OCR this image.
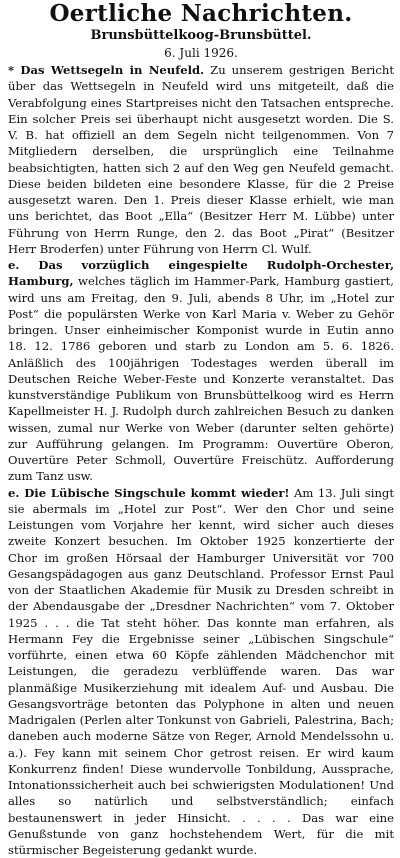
Oertliche Nachrichten.
Brunsbüttelkoog-Brunsbüttel.
6. Juli 1926.

* Das Wettsegeln in Neufeld. Zu unserem gestrigen Bericht über das Wettsegeln in Neufeld wird uns mitgeteilt, daß die Verabfolgung eines Startpreises nicht den Tatsachen entspreche. Ein solcher Preis sei überhaupt nicht ausgesetzt worden. Die S. V. B. hat offiziell an dem Segeln nicht teilgenommen. Von 7 Mitgliedern derselben, die ursprünglich eine Teilnahme beabsichtigten, hatten sich 2 auf den Weg gen Neufeld gemacht. Diese beiden bildeten eine besondere Klasse, für die 2 Preise ausgesetzt waren. Den 1. Preis dieser Klasse erhielt, wie man uns berichtet, das Boot „Ella“ (Besitzer Herr M. Lübbe) unter Führung von Herrn Runge, den 2. das Boot „Pirat“ (Besitzer Herr Broderfen) unter Führung von Herrn Cl. Wulf.

e. Das vorzüglich eingespielte Rudolph-Orchester, Hamburg, welches täglich im Hammer-Park, Hamburg gastiert, wird uns am Freitag, den 9. Juli, abends 8 Uhr, im „Hotel zur Post“ die populärsten Werke von Karl Maria v. Weber zu Gehör bringen. Unser einheimischer Komponist wurde in Eutin anno 18. 12. 1786 geboren und starb zu London am 5. 6. 1826. Anläßlich des 100jährigen Todestages werden überall im Deutschen Reiche Weber-Feste und Konzerte veranstaltet. Das kunstverständige Publikum von Brunsbüttelkoog wird es Herrn Kapellmeister H. J. Rudolph durch zahlreichen Besuch zu danken wissen, zumal nur Werke von Weber (darunter selten gehörte) zur Aufführung gelangen. Im Programm: Ouvertüre Oberon, Ouvertüre Peter Schmoll, Ouvertüre Freischütz. Aufforderung zum Tanz usw.

e. Die Lübische Singschule kommt wieder! Am 13. Juli singt sie abermals im „Hotel zur Post“. Wer den Chor und seine Leistungen vom Vorjahre her kennt, wird sicher auch dieses zweite Konzert besuchen. Im Oktober 1925 konzertierte der Chor im großen Hörsaal der Hamburger Universität vor 700 Gesangspädagogen aus ganz Deutschland. Professor Ernst Paul von der Staatlichen Akademie für Musik zu Dresden schreibt in der Abendausgabe der „Dresdner Nachrichten“ vom 7. Oktober 1925 . . . die Tat steht höher. Das konnte man erfahren, als Hermann Fey die Ergebnisse seiner „Lübischen Singschule“ vorführte, einen etwa 60 Köpfe zählenden Mädchenchor mit Leistungen, die geradezu verblüffende waren. Das war planmäßige Musikerziehung mit idealem Auf- und Ausbau. Die Gesangsvorträge betonten das Polyphone in alten und neuen Madrigalen (Perlen alter Tonkunst von Gabrieli, Palestrina, Bach; daneben auch moderne Sätze von Reger, Arnold Mendelssohn u. a.). Fey kann mit seinem Chor getrost reisen. Er wird kaum Konkurrenz finden! Diese wundervolle Tonbildung, Aussprache, Intonationssicherheit auch bei schwierigsten Modulationen! Und alles so natürlich und selbstverständlich; einfach bestaunenswert in jeder Hinsicht. . . . . Das war eine Genußstunde von ganz hochstehendem Wert, für die mit stürmischer Begeisterung gedankt wurde.
